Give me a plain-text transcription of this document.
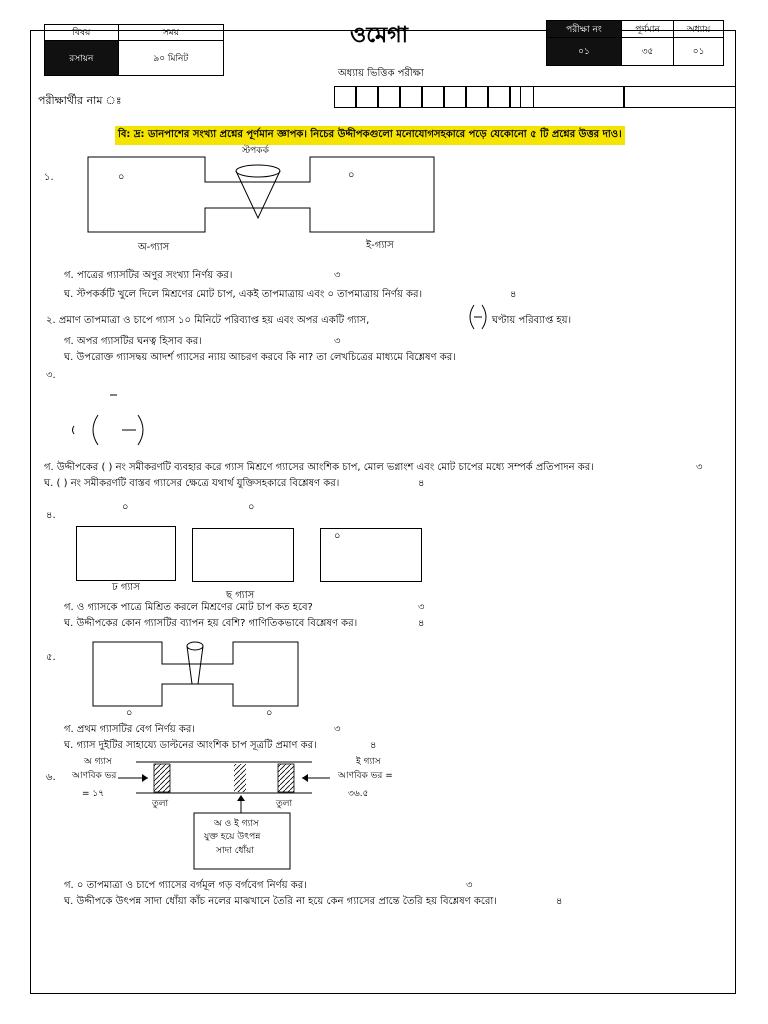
বিষয়	সময়
রসায়ন	৯০ মিনিট
ওমেগা
অধ্যায় ভিত্তিক পরীক্ষা
পরীক্ষা নং	পূর্ণমান	অধ্যায়
০১	৩৫	০১
পরীক্ষার্থীর নাম ঃ
বি: দ্র: ডানপাশের সংখ্যা প্রশ্নের পূর্ণমান জ্ঞাপক। নিচের উদ্দীপকগুলো মনোযোগসহকারে পড়ে যেকোনো ৫ টি প্রশ্নের উত্তর দাও।
১.
স্টপকর্ক
০	০
অ-গ্যাস	ই-গ্যাস
গ. পাত্রের গ্যাসটির অণুর সংখ্যা নির্ণয় কর।	৩
ঘ. স্টপকর্কটি খুলে দিলে মিশ্রণের মোট চাপ, একই তাপমাত্রায় এবং ০ তাপমাত্রায় নির্ণয় কর।	৪
২. প্রমাণ তাপমাত্রা ও চাপে গ্যাস ১০ মিনিটে পরিব্যাপ্ত হয় এবং অপর একটি গ্যাস,	ঘণ্টায় পরিব্যাপ্ত হয়।
গ. অপর গ্যাসটির ঘনত্ব হিসাব কর।	৩
ঘ. উপরোক্ত গ্যাসদ্বয় আদর্শ গ্যাসের ন্যায় আচরণ করবে কি না? তা লেখচিত্রের মাধ্যমে বিশ্লেষণ কর।
৩.
গ. উদ্দীপকের ( ) নং সমীকরণটি ব্যবহার করে গ্যাস মিশ্রণে গ্যাসের আংশিক চাপ, মোল ভগ্নাংশ এবং মোট চাপের মধ্যে সম্পর্ক প্রতিপাদন কর।	৩
ঘ. ( ) নং সমীকরণটি বাস্তব গ্যাসের ক্ষেত্রে যথার্থ যুক্তিসহকারে বিশ্লেষণ কর।	৪
৪.
০	০
০
ঢ গ্যাস
ছ গ্যাস
গ. ও গ্যাসকে পাত্রে মিশ্রিত করলে মিশ্রণের মোট চাপ কত হবে?	৩
ঘ. উদ্দীপকের কোন গ্যাসটির ব্যাপন হয় বেশি? গাণিতিকভাবে বিশ্লেষণ কর।	৪
৫.
০	০
গ. প্রথম গ্যাসটির বেগ নির্ণয় কর।	৩
ঘ. গ্যাস দুইটির সাহায্যে ডাল্টনের আংশিক চাপ সূত্রটি প্রমাণ কর।	৪
৬.
অ গ্যাস
আণবিক ভর
= ১৭
ই গ্যাস
আণবিক ভর =
৩৬.৫
তুলা	তুলা
অ ও ই গ্যাস
যুক্ত হয়ে উৎপন্ন
সাদা ধোঁয়া
গ. ০ তাপমাত্রা ও চাপে গ্যাসের বর্গমূল গড় বর্গবেগ নির্ণয় কর।	৩
ঘ. উদ্দীপকে উৎপন্ন সাদা ধোঁয়া কাঁচ নলের মাঝখানে তৈরি না হয়ে কেন গ্যাসের প্রান্তে তৈরি হয় বিশ্লেষণ করো।	৪
